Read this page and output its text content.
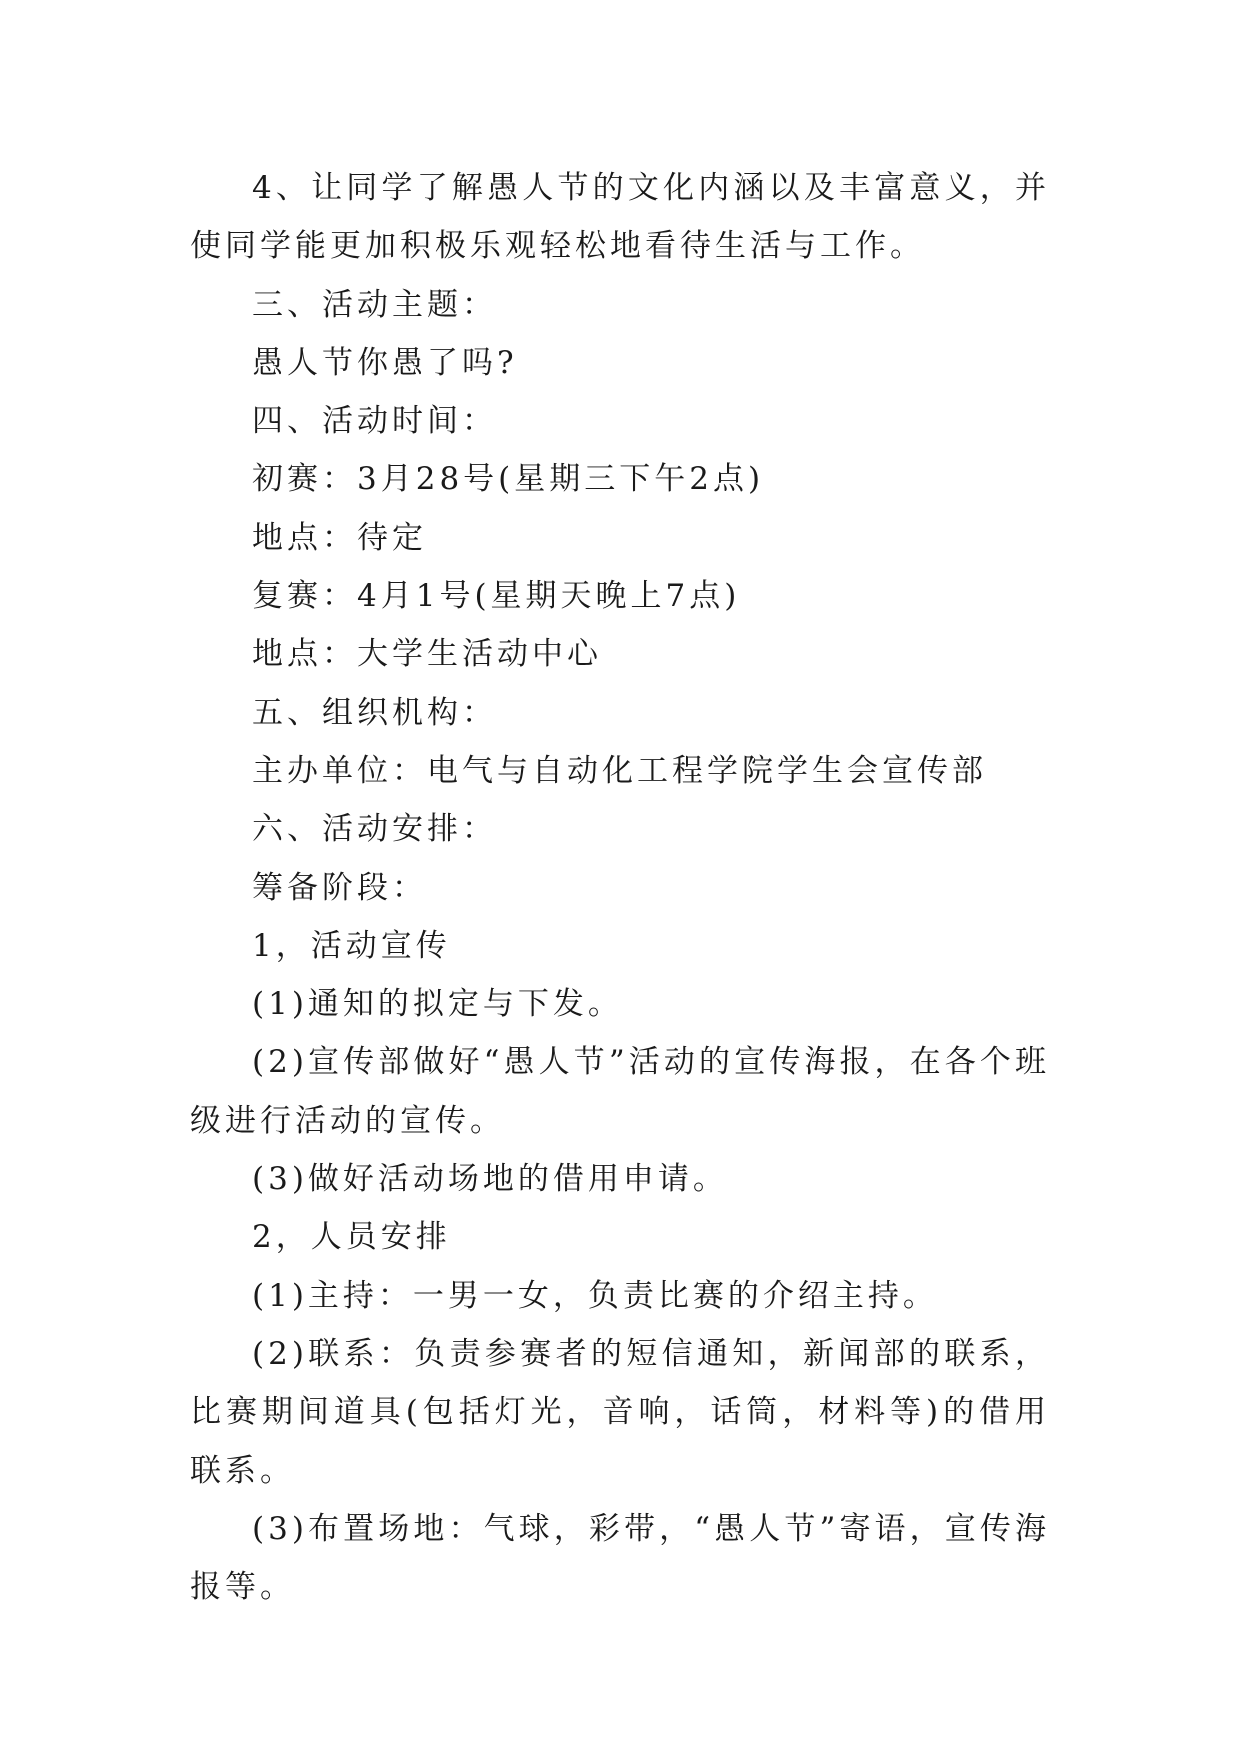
4、让同学了解愚人节的文化内涵以及丰富意义，并使同学能更加积极乐观轻松地看待生活与工作。

三、活动主题：

愚人节你愚了吗?

四、活动时间：

初赛：3月28号(星期三下午2点)

地点：待定

复赛：4月1号(星期天晚上7点)

地点：大学生活动中心

五、组织机构：

主办单位：电气与自动化工程学院学生会宣传部

六、活动安排：

筹备阶段：

1，活动宣传

(1)通知的拟定与下发。

(2)宣传部做好“愚人节”活动的宣传海报，在各个班级进行活动的宣传。

(3)做好活动场地的借用申请。

2，人员安排

(1)主持：一男一女，负责比赛的介绍主持。

(2)联系：负责参赛者的短信通知，新闻部的联系，比赛期间道具(包括灯光，音响，话筒，材料等)的借用联系。

(3)布置场地：气球，彩带，“愚人节”寄语，宣传海报等。
